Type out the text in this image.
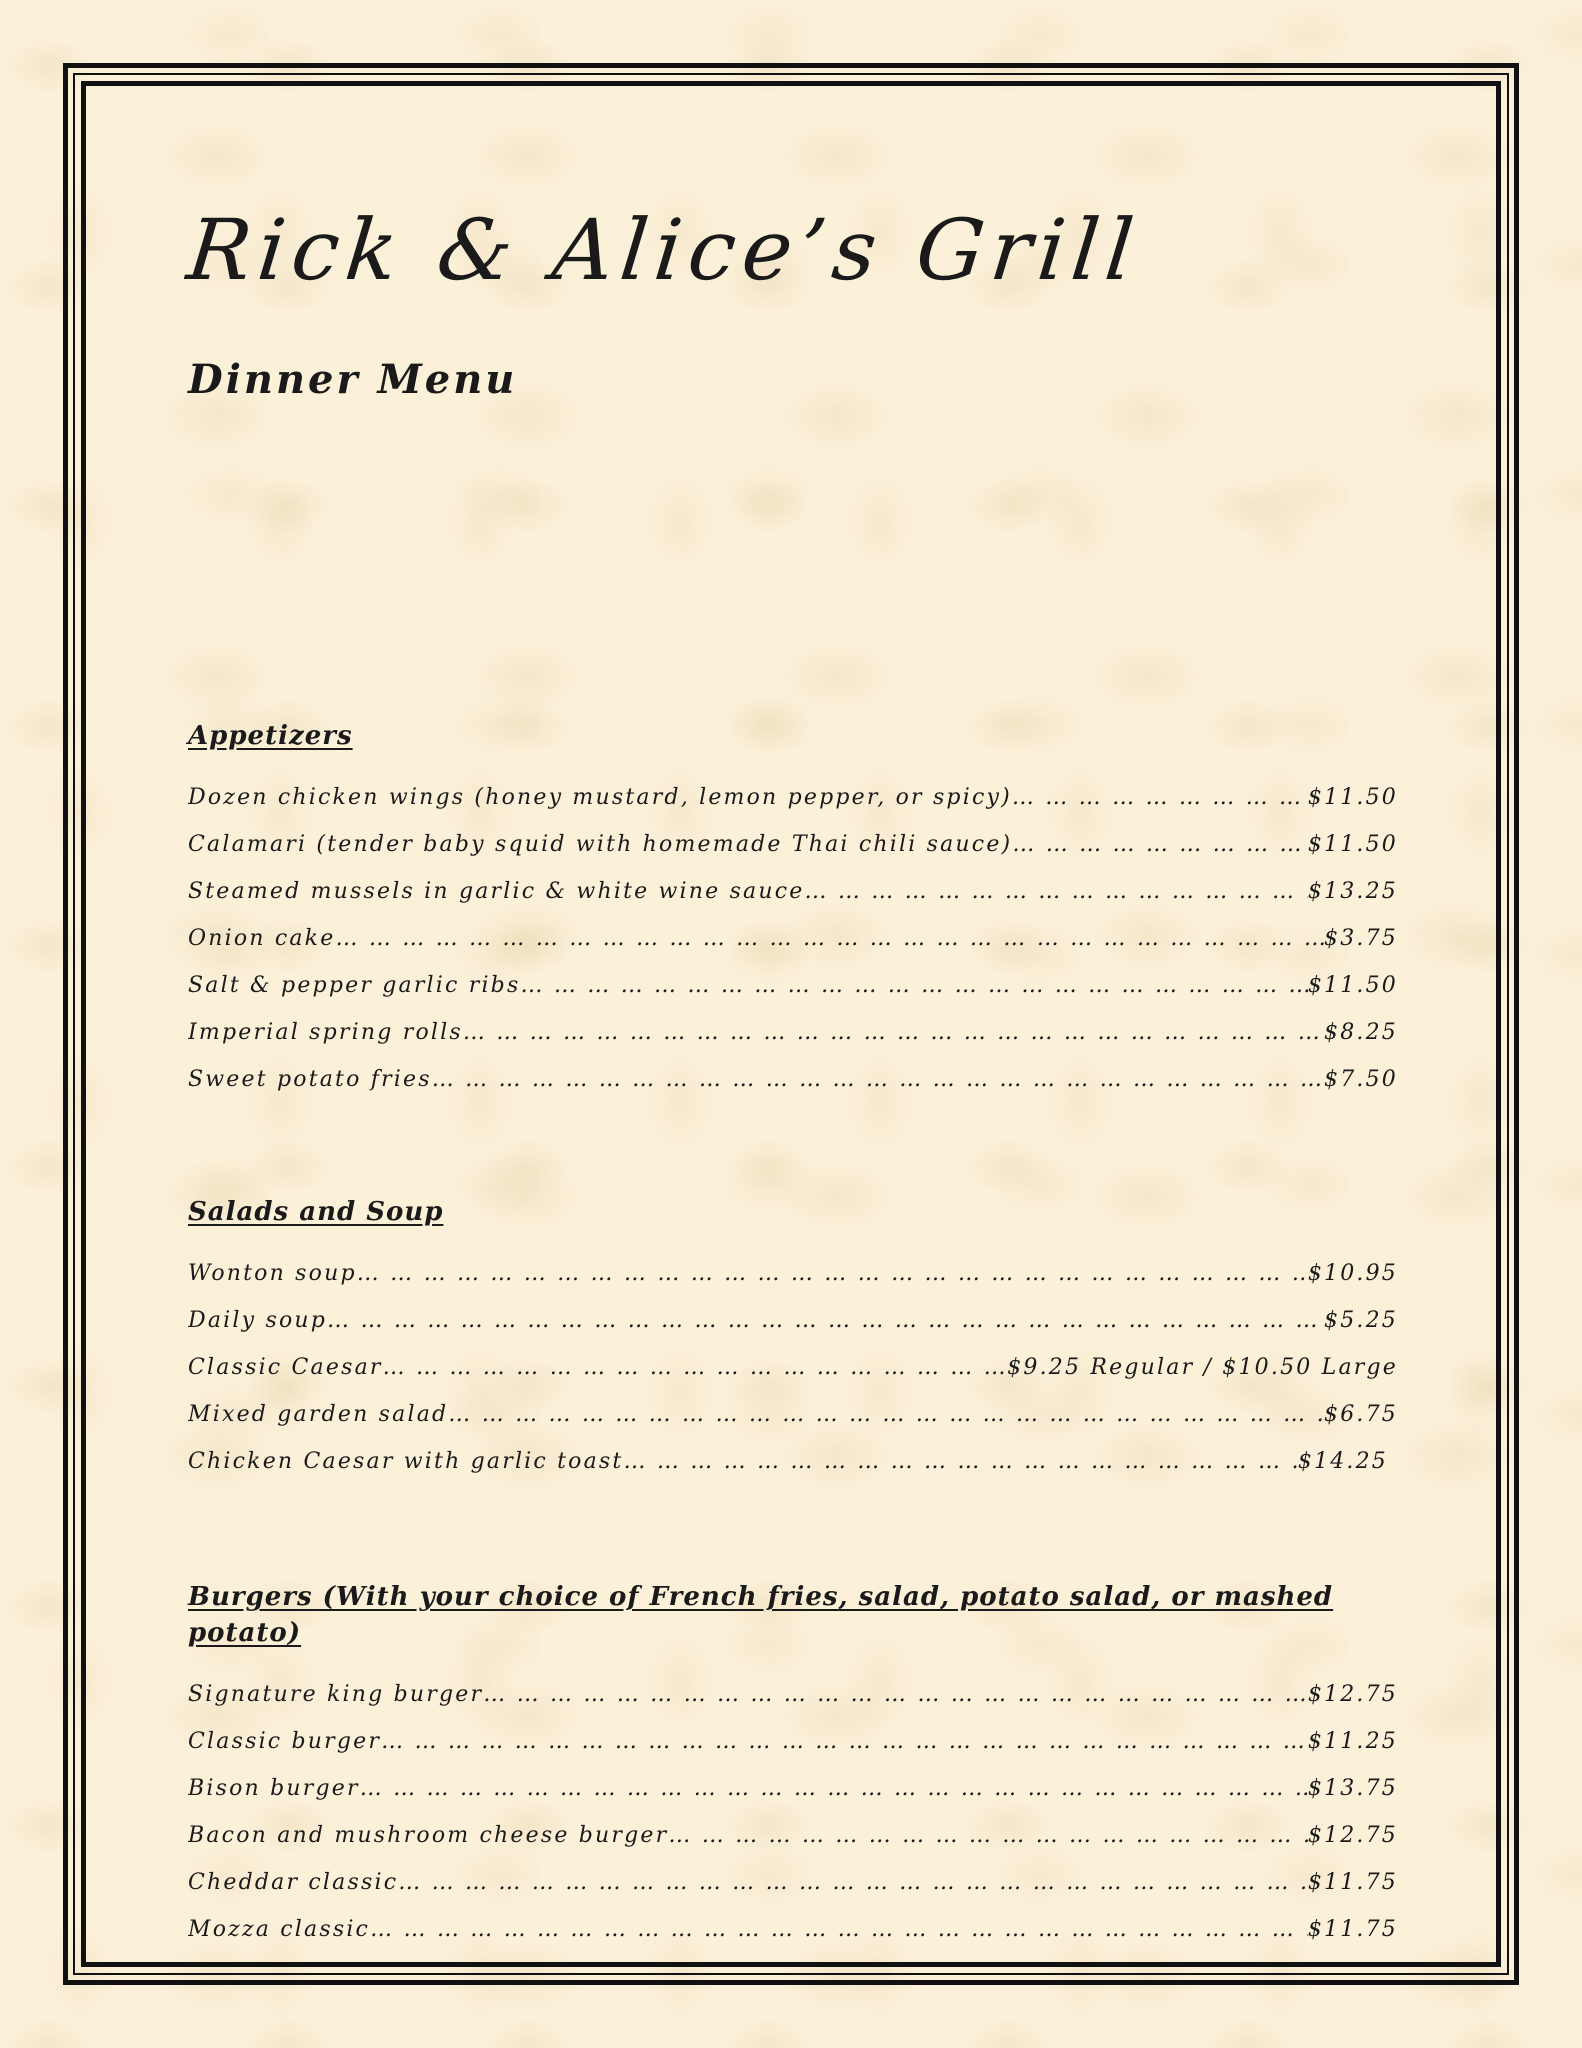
Rick & Alice’s Grill
Dinner Menu
Appetizers
Dozen chicken wings (honey mustard, lemon pepper, or spicy) … … … … … … … … … … … … … … … … … … … … … … … … … … … … … … … … … … … … … … … … … … … … … … … … … … … … … … … … … … … … … …	$11.50
Calamari (tender baby squid with homemade Thai chili sauce) … … … … … … … … … … … … … … … … … … … … … … … … … … … … … … … … … … … … … … … … … … … … … … … … … … … … … … … … … … … … … …	$11.50
Steamed mussels in garlic & white wine sauce … … … … … … … … … … … … … … … … … … … … … … … … … … … … … … … … … … … … … … … … … … … … … … … … … … … … … … … … … … … … … …	$13.25
Onion cake … … … … … … … … … … … … … … … … … … … … … … … … … … … … … … … … … … … … … … … … … … … … … … … … … … … … … … … … … … … … … …	$3.75
Salt & pepper garlic ribs … … … … … … … … … … … … … … … … … … … … … … … … … … … … … … … … … … … … … … … … … … … … … … … … … … … … … … … … … … … … … …	$11.50
Imperial spring rolls … … … … … … … … … … … … … … … … … … … … … … … … … … … … … … … … … … … … … … … … … … … … … … … … … … … … … … … … … … … … … …	$8.25
Sweet potato fries … … … … … … … … … … … … … … … … … … … … … … … … … … … … … … … … … … … … … … … … … … … … … … … … … … … … … … … … … … … … … …	$7.50
Salads and Soup
Wonton soup … … … … … … … … … … … … … … … … … … … … … … … … … … … … … … … … … … … … … … … … … … … … … … … … … … … … … … … … … … … … … …	$10.95
Daily soup … … … … … … … … … … … … … … … … … … … … … … … … … … … … … … … … … … … … … … … … … … … … … … … … … … … … … … … … … … … … … …	$5.25
Classic Caesar … … … … … … … … … … … … … … … … … … … … … … … … … … … … … … … … … … … … … … … … … … … … … … … … … … … … … … … … … … … … … …	$9.25 Regular / $10.50 Large
Mixed garden salad … … … … … … … … … … … … … … … … … … … … … … … … … … … … … … … … … … … … … … … … … … … … … … … … … … … … … … … … … … … … … …	$6.75
Chicken Caesar with garlic toast … … … … … … … … … … … … … … … … … … … … … … … … … … … … … … … … … … … … … … … … … … … … … … … … … … … … … … … … … … … … … …	$14.25
Burgers (With your choice of French fries, salad, potato salad, or mashed potato)
Signature king burger … … … … … … … … … … … … … … … … … … … … … … … … … … … … … … … … … … … … … … … … … … … … … … … … … … … … … … … … … … … … … …	$12.75
Classic burger … … … … … … … … … … … … … … … … … … … … … … … … … … … … … … … … … … … … … … … … … … … … … … … … … … … … … … … … … … … … … …	$11.25
Bison burger … … … … … … … … … … … … … … … … … … … … … … … … … … … … … … … … … … … … … … … … … … … … … … … … … … … … … … … … … … … … … …	$13.75
Bacon and mushroom cheese burger … … … … … … … … … … … … … … … … … … … … … … … … … … … … … … … … … … … … … … … … … … … … … … … … … … … … … … … … … … … … … …	$12.75
Cheddar classic … … … … … … … … … … … … … … … … … … … … … … … … … … … … … … … … … … … … … … … … … … … … … … … … … … … … … … … … … … … … … …	$11.75
Mozza classic … … … … … … … … … … … … … … … … … … … … … … … … … … … … … … … … … … … … … … … … … … … … … … … … … … … … … … … … … … … … … …	$11.75
